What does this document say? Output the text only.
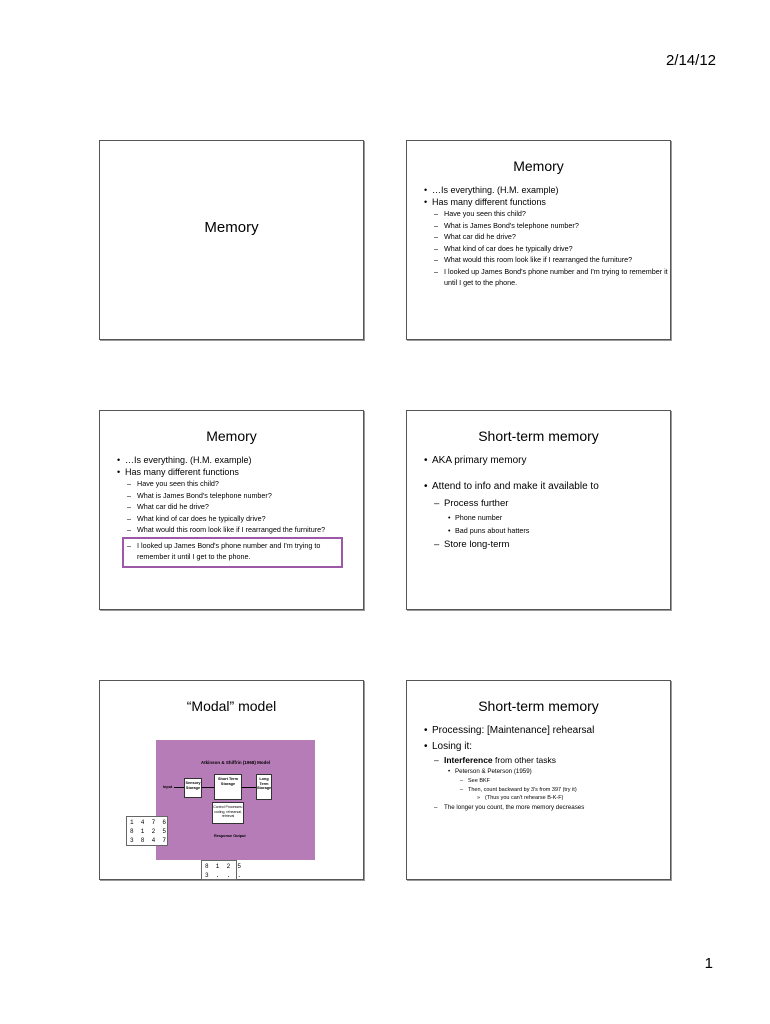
2/14/12
Memory
Memory
• …Is everything. (H.M. example)
• Has many different functions
– Have you seen this child?
– What is James Bond's telephone number?
– What car did he drive?
– What kind of car does he typically drive?
– What would this room look like if I rearranged the furniture?
– I looked up James Bond's phone number and I'm trying to remember it until I get to the phone.
Memory
• …Is everything. (H.M. example)
• Has many different functions
– Have you seen this child?
– What is James Bond's telephone number?
– What car did he drive?
– What kind of car does he typically drive?
– What would this room look like if I rearranged the furniture?
– I looked up James Bond's phone number and I'm trying to remember it until I get to the phone.
Short-term memory
• AKA primary memory
• Attend to info and make it available to
– Process further
• Phone number
• Bad puns about hatters
– Store long-term
“Modal” model
Atkinson & Shiffrin (1968) Model
Input
Sensory Storage
Short Term Storage
Long Term Storage
Control Processes: coding, rehearsal, retrieval
Response Output
1  4  7  6
8  1  2  5
3  8  4  7
8  1  2  5
3  .  .  .
Short-term memory
• Processing: [Maintenance] rehearsal
• Losing it:
– Interference from other tasks
• Peterson & Peterson (1959)
– See BKF
– Then, count backward by 3's from 397 (try it)
» (Thus you can't rehearse B-K-F)
– The longer you count, the more memory decreases
1
